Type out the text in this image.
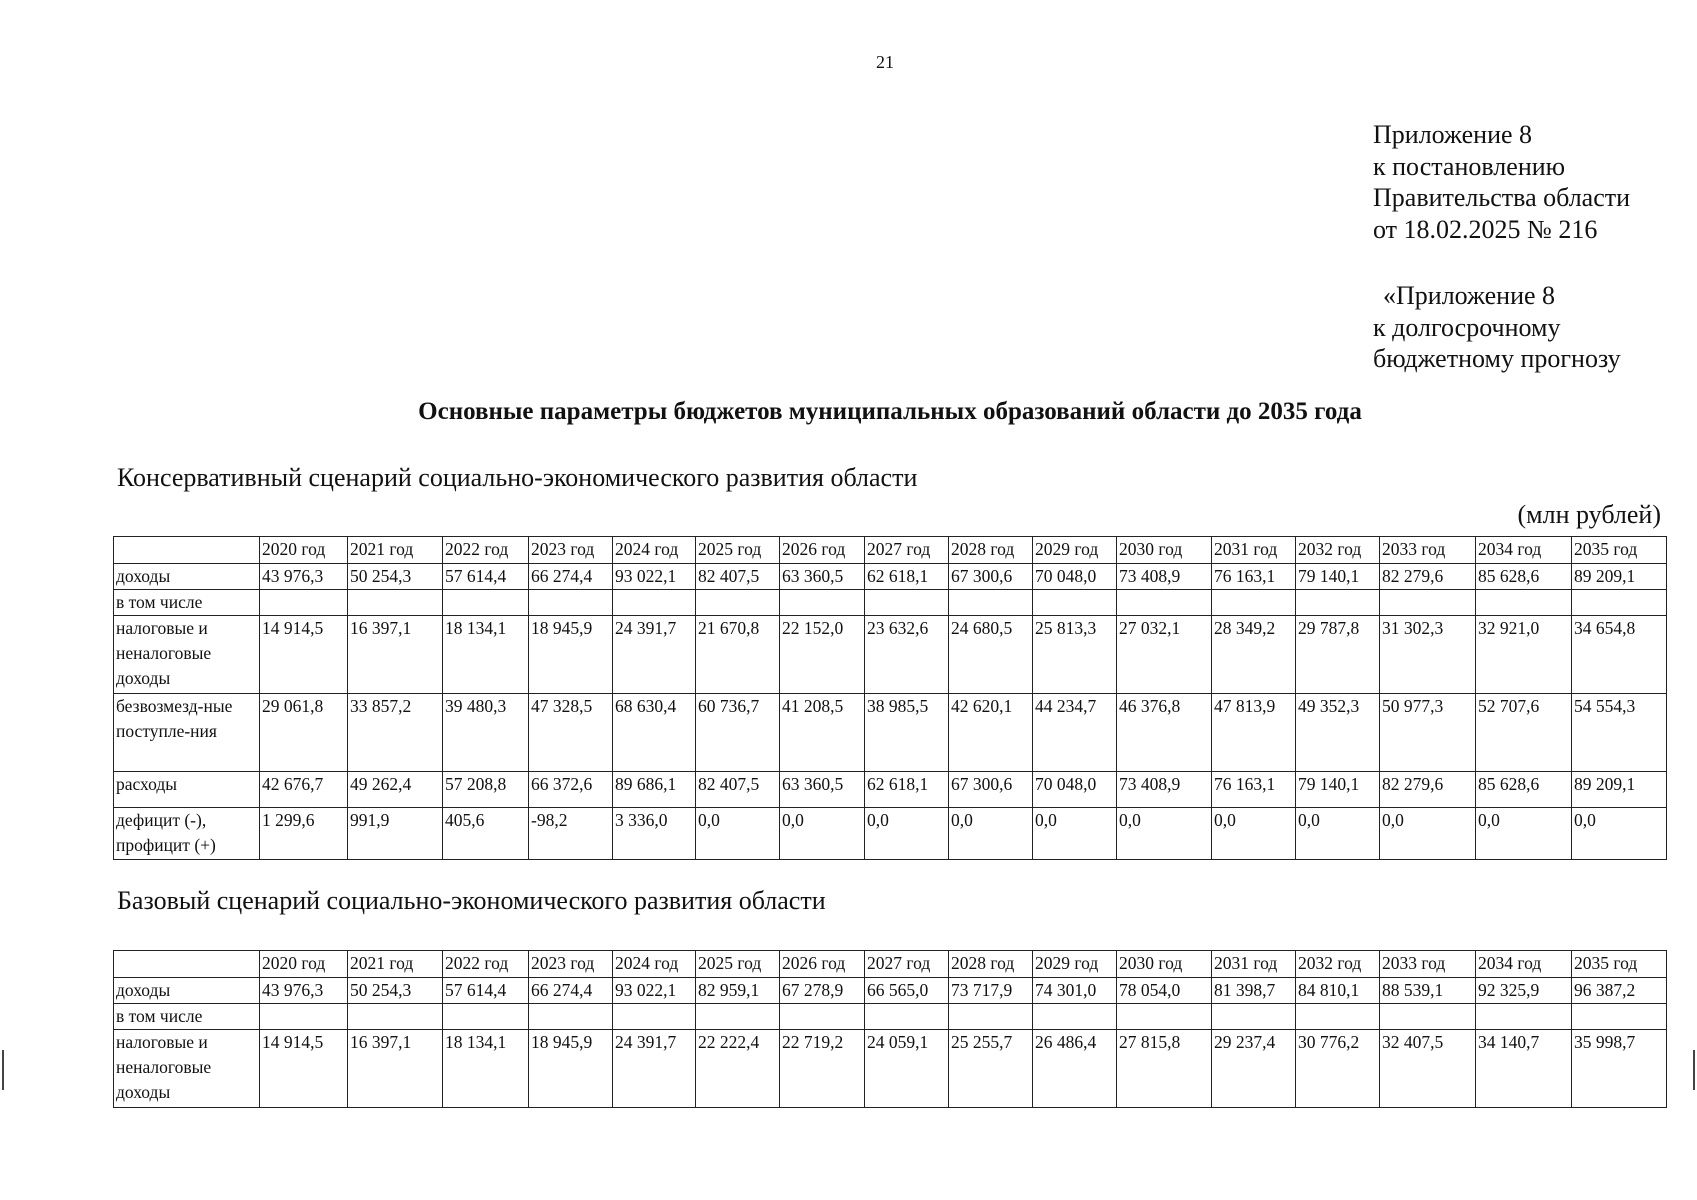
21
Приложение 8
к постановлению
Правительства области
от 18.02.2025 № 216
«Приложение 8
к долгосрочному
бюджетному прогнозу
Основные параметры бюджетов муниципальных образований области до 2035 года
Консервативный сценарий социально-экономического развития области
(млн рублей)
	2020 год	2021 год	2022 год	2023 год	2024 год	2025 год	2026 год	2027 год	2028 год	2029 год	2030 год	2031 год	2032 год	2033 год	2034 год	2035 год
доходы	43 976,3	50 254,3	57 614,4	66 274,4	93 022,1	82 407,5	63 360,5	62 618,1	67 300,6	70 048,0	73 408,9	76 163,1	79 140,1	82 279,6	85 628,6	89 209,1
в том числе																
налоговые и неналоговые доходы	14 914,5	16 397,1	18 134,1	18 945,9	24 391,7	21 670,8	22 152,0	23 632,6	24 680,5	25 813,3	27 032,1	28 349,2	29 787,8	31 302,3	32 921,0	34 654,8
безвозмезд-ные поступле-ния	29 061,8	33 857,2	39 480,3	47 328,5	68 630,4	60 736,7	41 208,5	38 985,5	42 620,1	44 234,7	46 376,8	47 813,9	49 352,3	50 977,3	52 707,6	54 554,3
расходы	42 676,7	49 262,4	57 208,8	66 372,6	89 686,1	82 407,5	63 360,5	62 618,1	67 300,6	70 048,0	73 408,9	76 163,1	79 140,1	82 279,6	85 628,6	89 209,1
дефицит (-), профицит (+)	1 299,6	991,9	405,6	-98,2	3 336,0	0,0	0,0	0,0	0,0	0,0	0,0	0,0	0,0	0,0	0,0	0,0
Базовый сценарий социально-экономического развития области
	2020 год	2021 год	2022 год	2023 год	2024 год	2025 год	2026 год	2027 год	2028 год	2029 год	2030 год	2031 год	2032 год	2033 год	2034 год	2035 год
доходы	43 976,3	50 254,3	57 614,4	66 274,4	93 022,1	82 959,1	67 278,9	66 565,0	73 717,9	74 301,0	78 054,0	81 398,7	84 810,1	88 539,1	92 325,9	96 387,2
в том числе																
налоговые и неналоговые доходы	14 914,5	16 397,1	18 134,1	18 945,9	24 391,7	22 222,4	22 719,2	24 059,1	25 255,7	26 486,4	27 815,8	29 237,4	30 776,2	32 407,5	34 140,7	35 998,7
